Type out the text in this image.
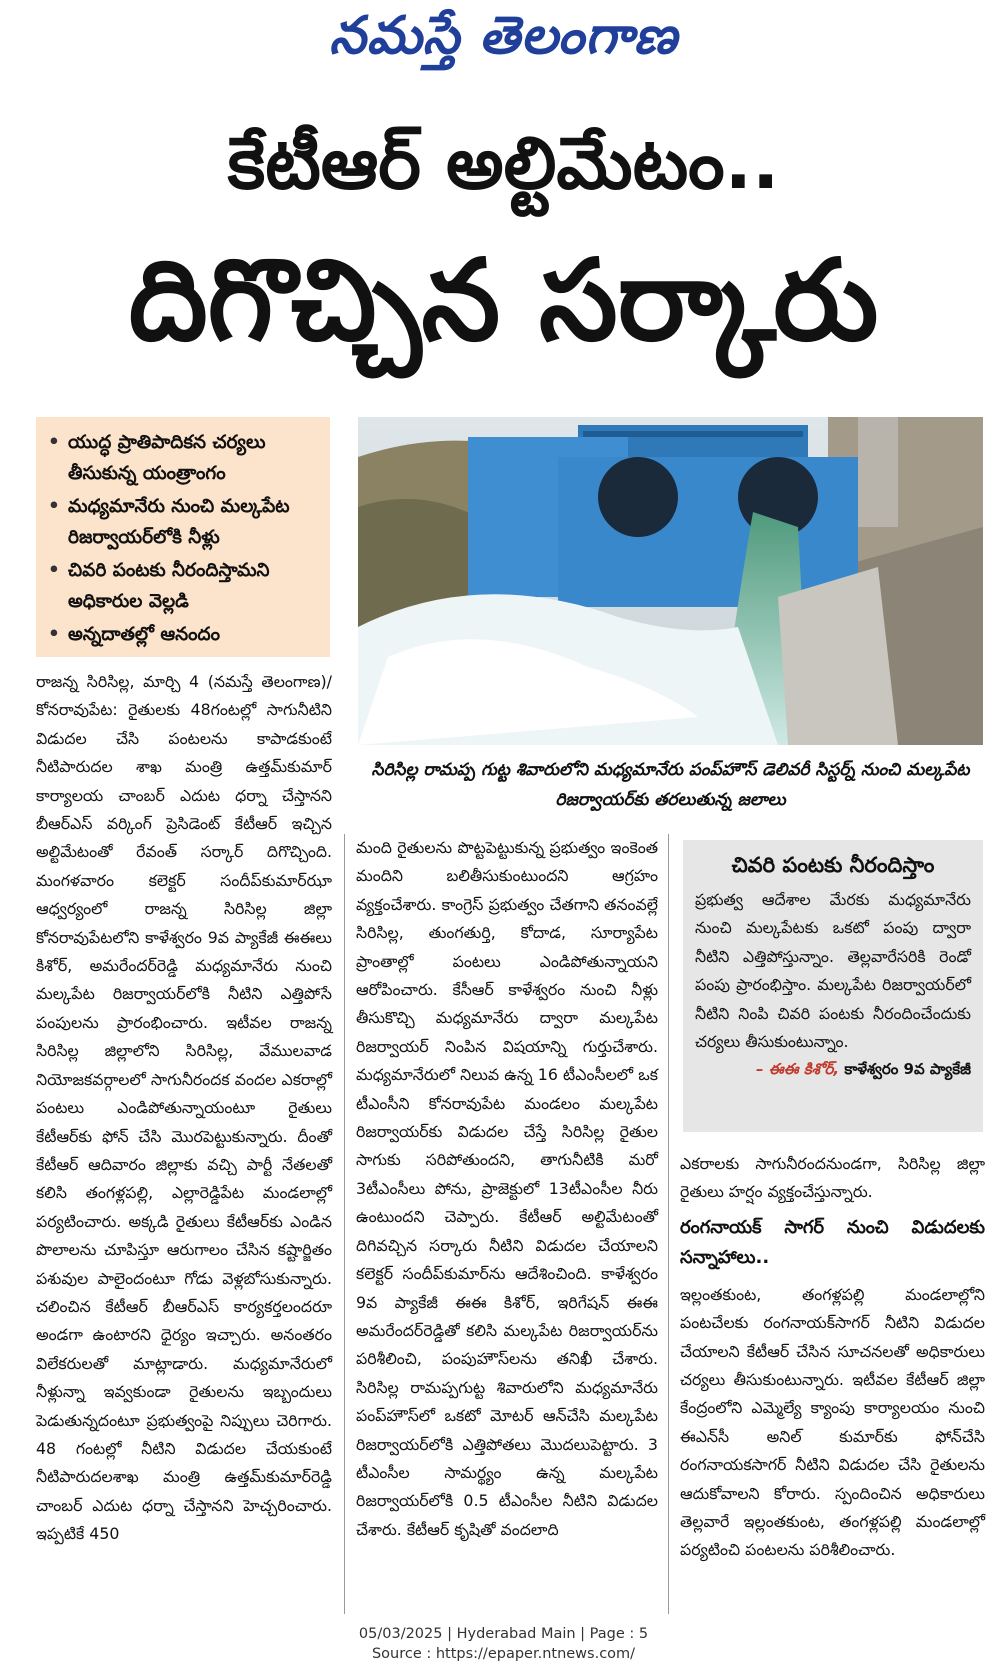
నమస్తే తెలంగాణ
కేటీఆర్ అల్టిమేటం..
దిగొచ్చిన సర్కారు
• యుద్ధ ప్రాతిపాదికన చర్యలు తీసుకున్న యంత్రాంగం
• మధ్యమానేరు నుంచి మల్కపేట రిజర్వాయర్‌లోకి నీళ్లు
• చివరి పంటకు నీరందిస్తామని అధికారుల వెల్లడి
• అన్నదాతల్లో ఆనందం
సిరిసిల్ల రామప్ప గుట్ట శివారులోని మధ్యమానేరు పంప్‌హౌస్ డెలివరీ సిస్టర్న్ నుంచి మల్కపేట రిజర్వాయర్‌కు తరలుతున్న జలాలు
రాజన్న సిరిసిల్ల, మార్చి 4 (నమస్తే తెలంగాణ)/ కోనరావుపేట: రైతులకు 48గంటల్లో సాగునీటిని విడుదల చేసి పంటలను కాపాడకుంటే నీటిపారుదల శాఖ మంత్రి ఉత్తమ్‌కుమార్ కార్యాలయ చాంబర్ ఎదుట ధర్నా చేస్తానని బీఆర్‌ఎస్ వర్కింగ్ ప్రెసిడెంట్ కేటీఆర్ ఇచ్చిన అల్టిమేటంతో రేవంత్ సర్కార్ దిగొచ్చింది. మంగళవారం కలెక్టర్ సందీప్‌కుమార్‌ఝా ఆధ్వర్యంలో రాజన్న సిరిసిల్ల జిల్లా కోనరావుపేటలోని కాళేశ్వరం 9వ ప్యాకేజీ ఈఈలు కిశోర్, అమరేందర్‌రెడ్డి మధ్యమానేరు నుంచి మల్కపేట రిజర్వాయర్‌లోకి నీటిని ఎత్తిపోసే పంపులను ప్రారంభించారు. ఇటీవల రాజన్న సిరిసిల్ల జిల్లాలోని సిరిసిల్ల, వేములవాడ నియోజకవర్గాలలో సాగునీరందక వందల ఎకరాల్లో పంటలు ఎండిపోతున్నాయంటూ రైతులు కేటీఆర్‌కు ఫోన్ చేసి మొరపెట్టుకున్నారు. దీంతో కేటీఆర్ ఆదివారం జిల్లాకు వచ్చి పార్టీ నేతలతో కలిసి తంగళ్లపల్లి, ఎల్లారెడ్డిపేట మండలాల్లో పర్యటించారు. అక్కడి రైతులు కేటీఆర్‌కు ఎండిన పొలాలను చూపిస్తూ ఆరుగాలం చేసిన కష్టార్జితం పశువుల పాలైందంటూ గోడు వెళ్లబోసుకున్నారు. చలించిన కేటీఆర్ బీఆర్‌ఎస్ కార్యకర్తలందరూ అండగా ఉంటారని ధైర్యం ఇచ్చారు. అనంతరం విలేకరులతో మాట్లాడారు. మధ్యమానేరులో నీళ్లున్నా ఇవ్వకుండా రైతులను ఇబ్బందులు పెడుతున్నదంటూ ప్రభుత్వంపై నిప్పులు చెరిగారు. 48 గంటల్లో నీటిని విడుదల చేయకుంటే నీటిపారుదలశాఖ మంత్రి ఉత్తమ్‌కుమార్‌రెడ్డి చాంబర్ ఎదుట ధర్నా చేస్తానని హెచ్చరించారు. ఇప్పటికే 450
మంది రైతులను పొట్టపెట్టుకున్న ప్రభుత్వం ఇంకెంత మందిని బలితీసుకుంటుందని ఆగ్రహం వ్యక్తంచేశారు. కాంగ్రెస్ ప్రభుత్వం చేతగాని తనంవల్లే సిరిసిల్ల, తుంగతుర్తి, కోదాడ, సూర్యాపేట ప్రాంతాల్లో పంటలు ఎండిపోతున్నాయని ఆరోపించారు. కేసీఆర్ కాళేశ్వరం నుంచి నీళ్లు తీసుకొచ్చి మధ్యమానేరు ద్వారా మల్కపేట రిజర్వాయర్ నింపిన విషయాన్ని గుర్తుచేశారు. మధ్యమానేరులో నిలువ ఉన్న 16 టీఎంసీలలో ఒక టీఎంసీని కోనరావుపేట మండలం మల్కపేట రిజర్వాయర్‌కు విడుదల చేస్తే సిరిసిల్ల రైతుల సాగుకు సరిపోతుందని, తాగునీటికి మరో 3టీఎంసీలు పోను, ప్రాజెక్టులో 13టీఎంసీల నీరు ఉంటుందని చెప్పారు. కేటీఆర్ అల్టిమేటంతో దిగివచ్చిన సర్కారు నీటిని విడుదల చేయాలని కలెక్టర్ సందీప్‌కుమార్‌ను ఆదేశించింది. కాళేశ్వరం 9వ ప్యాకేజీ ఈఈ కిశోర్, ఇరిగేషన్ ఈఈ అమరేందర్‌రెడ్డితో కలిసి మల్కపేట రిజర్వాయర్‌ను పరిశీలించి, పంపుహౌస్‌లను తనిఖీ చేశారు. సిరిసిల్ల రామప్పగుట్ట శివారులోని మధ్యమానేరు పంప్‌హౌస్‌లో ఒకటో మోటర్ ఆన్‌చేసి మల్కపేట రిజర్వాయర్‌లోకి ఎత్తిపోతలు మొదలుపెట్టారు. 3 టీఎంసీల సామర్థ్యం ఉన్న మల్కపేట రిజర్వాయర్‌లోకి 0.5 టీఎంసీల నీటిని విడుదల చేశారు. కేటీఆర్ కృషితో వందలాది
చివరి పంటకు నీరందిస్తాం
ప్రభుత్వ ఆదేశాల మేరకు మధ్యమానేరు నుంచి మల్కపేటకు ఒకటో పంపు ద్వారా నీటిని ఎత్తిపోస్తున్నాం. తెల్లవారేసరికి రెండో పంపు ప్రారంభిస్తాం. మల్కపేట రిజర్వాయర్‌లో నీటిని నింపి చివరి పంటకు నీరందించేందుకు చర్యలు తీసుకుంటున్నాం.
– ఈఈ కిశోర్, కాళేశ్వరం 9వ ప్యాకేజీ
ఎకరాలకు సాగునీరందనుండగా, సిరిసిల్ల జిల్లా రైతులు హర్షం వ్యక్తంచేస్తున్నారు.
రంగనాయక్ సాగర్ నుంచి విడుదలకు సన్నాహాలు..
ఇల్లంతకుంట, తంగళ్లపల్లి మండలాల్లోని పంటచేలకు రంగనాయక్‌సాగర్ నీటిని విడుదల చేయాలని కేటీఆర్ చేసిన సూచనలతో అధికారులు చర్యలు తీసుకుంటున్నారు. ఇటీవల కేటీఆర్ జిల్లా కేంద్రంలోని ఎమ్మెల్యే క్యాంపు కార్యాలయం నుంచి ఈఎన్‌సీ అనిల్ కుమార్‌కు ఫోన్‌చేసి రంగనాయకసాగర్ నీటిని విడుదల చేసి రైతులను ఆదుకోవాలని కోరారు. స్పందించిన అధికారులు తెల్లవారే ఇల్లంతకుంట, తంగళ్లపల్లి మండలాల్లో పర్యటించి పంటలను పరిశీలించారు.
05/03/2025 | Hyderabad Main | Page : 5
Source : https://epaper.ntnews.com/
